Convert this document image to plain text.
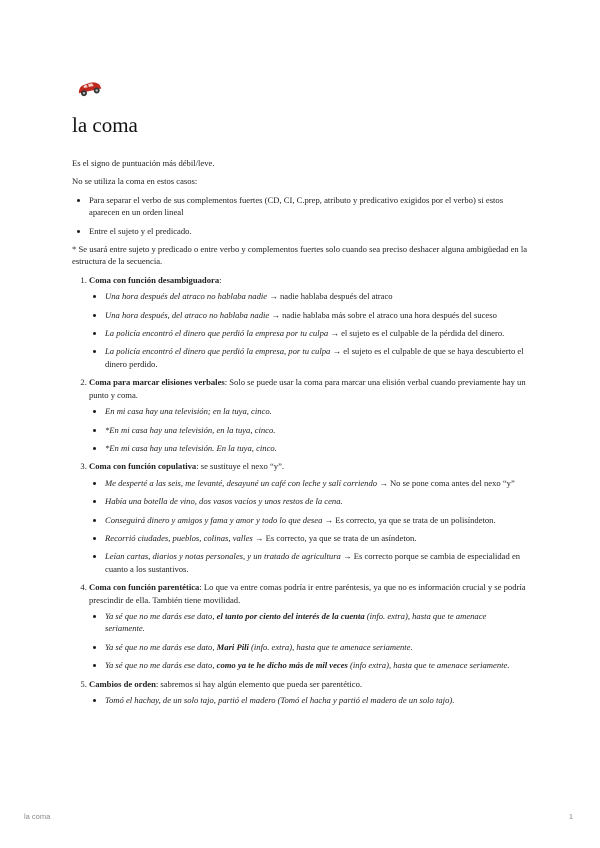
la coma

Es el signo de puntuación más débil/leve.

No se utiliza la coma en estos casos:

• Para separar el verbo de sus complementos fuertes (CD, CI, C.prep, atributo y predicativo exigidos por el verbo) si estos aparecen en un orden lineal
• Entre el sujeto y el predicado.

* Se usará entre sujeto y predicado o entre verbo y complementos fuertes solo cuando sea preciso deshacer alguna ambigüedad en la estructura de la secuencia.

1. Coma con función desambiguadora:
• Una hora después del atraco no hablaba nadie → nadie hablaba después del atraco
• Una hora después, del atraco no hablaba nadie → nadie hablaba más sobre el atraco una hora después del suceso
• La policía encontró el dinero que perdió la empresa por tu culpa → el sujeto es el culpable de la pérdida del dinero.
• La policía encontró el dinero que perdió la empresa, por tu culpa → el sujeto es el culpable de que se haya descubierto el dinero perdido.
2. Coma para marcar elisiones verbales: Solo se puede usar la coma para marcar una elisión verbal cuando previamente hay un punto y coma.
• En mi casa hay una televisión; en la tuya, cinco.
• *En mi casa hay una televisión, en la tuya, cinco.
• *En mi casa hay una televisión. En la tuya, cinco.
3. Coma con función copulativa: se sustituye el nexo “y”.
• Me desperté a las seis, me levanté, desayuné un café con leche y salí corriendo → No se pone coma antes del nexo “y”
• Había una botella de vino, dos vasos vacíos y unos restos de la cena.
• Conseguirá dinero y amigos y fama y amor y todo lo que desea → Es correcto, ya que se trata de un polisíndeton.
• Recorrió ciudades, pueblos, colinas, valles → Es correcto, ya que se trata de un asíndeton.
• Leían cartas, diarios y notas personales, y un tratado de agricultura → Es correcto porque se cambia de especialidad en cuanto a los sustantivos.
4. Coma con función parentética: Lo que va entre comas podría ir entre paréntesis, ya que no es información crucial y se podría prescindir de ella. También tiene movilidad.
• Ya sé que no me darás ese dato, el tanto por ciento del interés de la cuenta (info. extra), hasta que te amenace seriamente.
• Ya sé que no me darás ese dato, Mari Pili (info. extra), hasta que te amenace seriamente.
• Ya sé que no me darás ese dato, como ya te he dicho más de mil veces (info extra), hasta que te amenace seriamente.
5. Cambios de orden: sabremos si hay algún elemento que pueda ser parentético.
• Tomó el hachay, de un solo tajo, partió el madero (Tomó el hacha y partió el madero de un solo tajo).
la coma	1
